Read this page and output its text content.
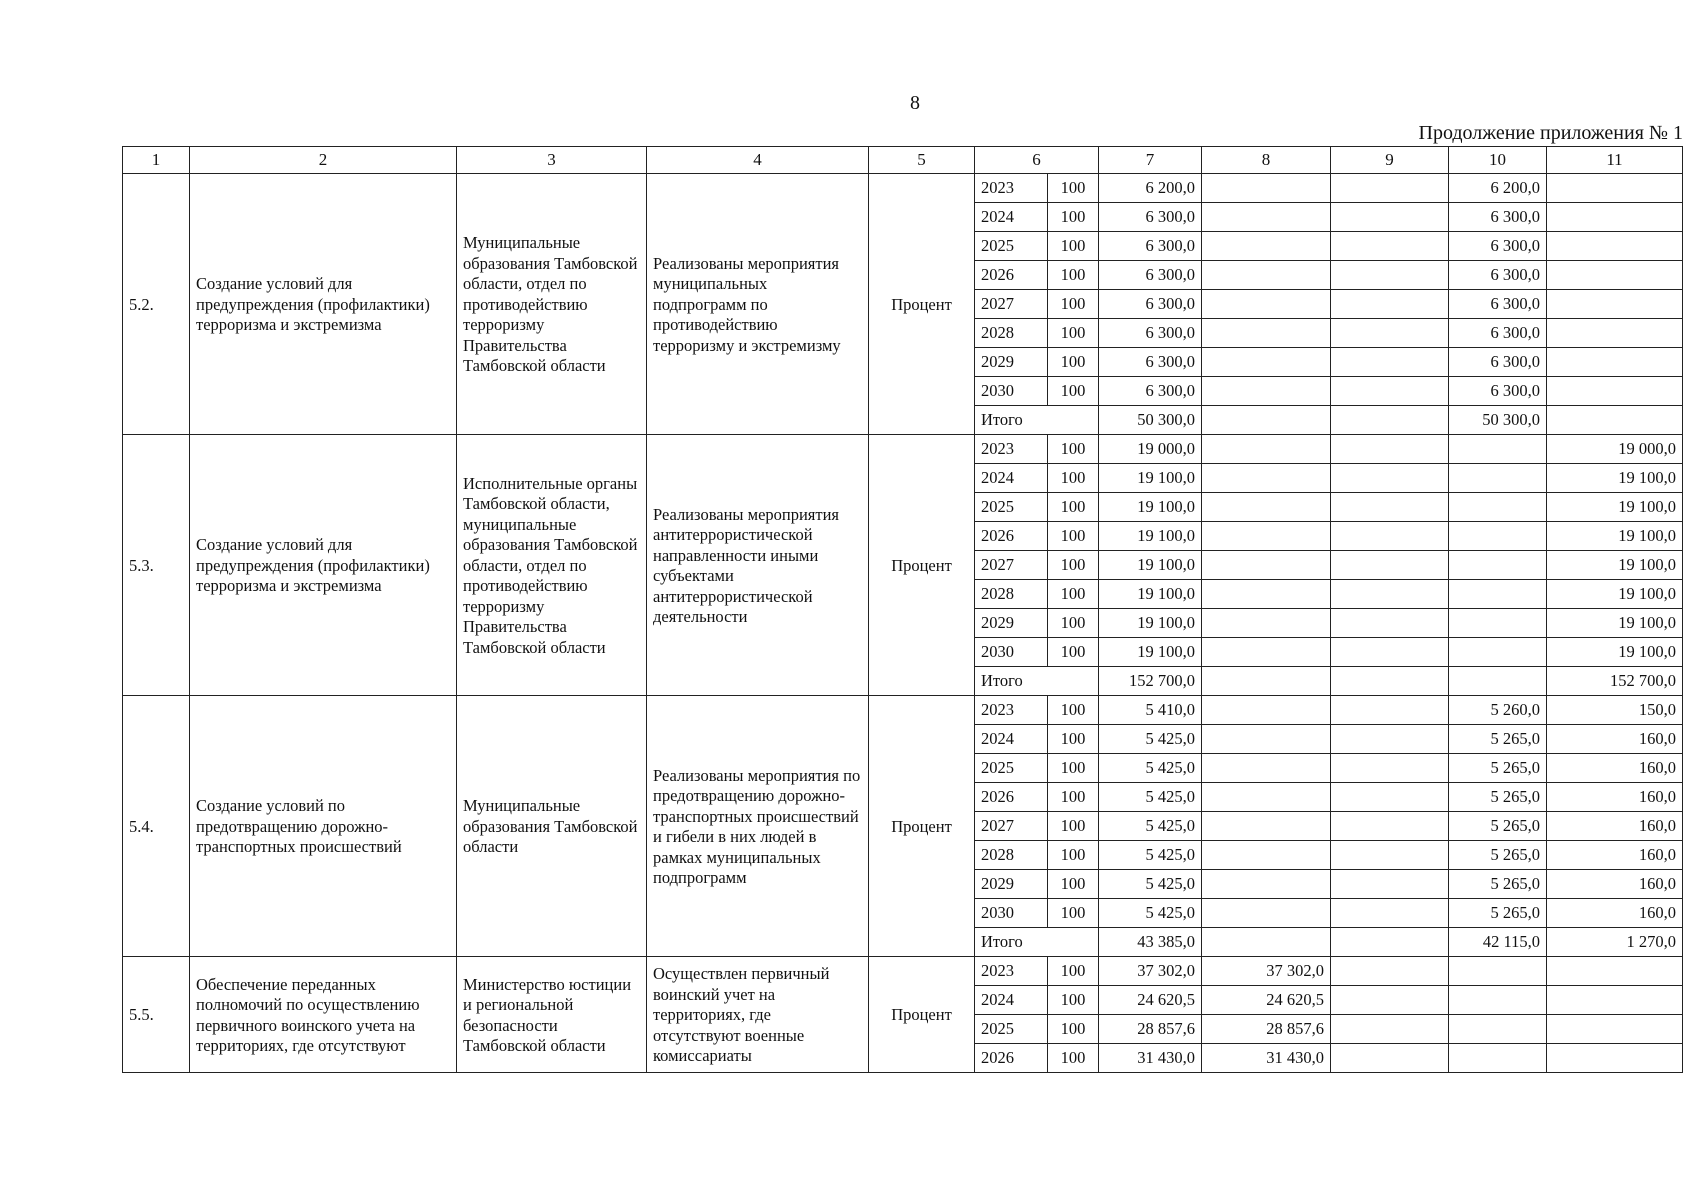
8
Продолжение приложения № 1
1	2	3	4	5	6		7	8	9	10	11
5.2.	Создание условий для предупреждения (профилактики) терроризма и экстремизма	Муниципальные образования Тамбовской области, отдел по противодействию терроризму Правительства Тамбовской области	Реализованы мероприятия муниципальных подпрограмм по противодействию терроризму и экстремизму	Процент	2023	100	6 200,0			6 200,0	
					2024	100	6 300,0			6 300,0	
					2025	100	6 300,0			6 300,0	
					2026	100	6 300,0			6 300,0	
					2027	100	6 300,0			6 300,0	
					2028	100	6 300,0			6 300,0	
					2029	100	6 300,0			6 300,0	
					2030	100	6 300,0			6 300,0	
					Итого		50 300,0			50 300,0	
5.3.	Создание условий для предупреждения (профилактики) терроризма и экстремизма	Исполнительные органы Тамбовской области, муниципальные образования Тамбовской области, отдел по противодействию терроризму Правительства Тамбовской области	Реализованы мероприятия антитеррористической направленности иными субъектами антитеррористической деятельности	Процент	2023	100	19 000,0				19 000,0
					2024	100	19 100,0				19 100,0
					2025	100	19 100,0				19 100,0
					2026	100	19 100,0				19 100,0
					2027	100	19 100,0				19 100,0
					2028	100	19 100,0				19 100,0
					2029	100	19 100,0				19 100,0
					2030	100	19 100,0				19 100,0
					Итого		152 700,0				152 700,0
5.4.	Создание условий по предотвращению дорожно-транспортных происшествий	Муниципальные образования Тамбовской области	Реализованы мероприятия по предотвращению дорожно-транспортных происшествий и гибели в них людей в рамках муниципальных подпрограмм	Процент	2023	100	5 410,0			5 260,0	150,0
					2024	100	5 425,0			5 265,0	160,0
					2025	100	5 425,0			5 265,0	160,0
					2026	100	5 425,0			5 265,0	160,0
					2027	100	5 425,0			5 265,0	160,0
					2028	100	5 425,0			5 265,0	160,0
					2029	100	5 425,0			5 265,0	160,0
					2030	100	5 425,0			5 265,0	160,0
					Итого		43 385,0			42 115,0	1 270,0
5.5.	Обеспечение переданных полномочий по осуществлению первичного воинского учета на территориях, где отсутствуют	Министерство юстиции и региональной безопасности Тамбовской области	Осуществлен первичный воинский учет на территориях, где отсутствуют военные комиссариаты	Процент	2023	100	37 302,0	37 302,0			
					2024	100	24 620,5	24 620,5			
					2025	100	28 857,6	28 857,6			
					2026	100	31 430,0	31 430,0			
